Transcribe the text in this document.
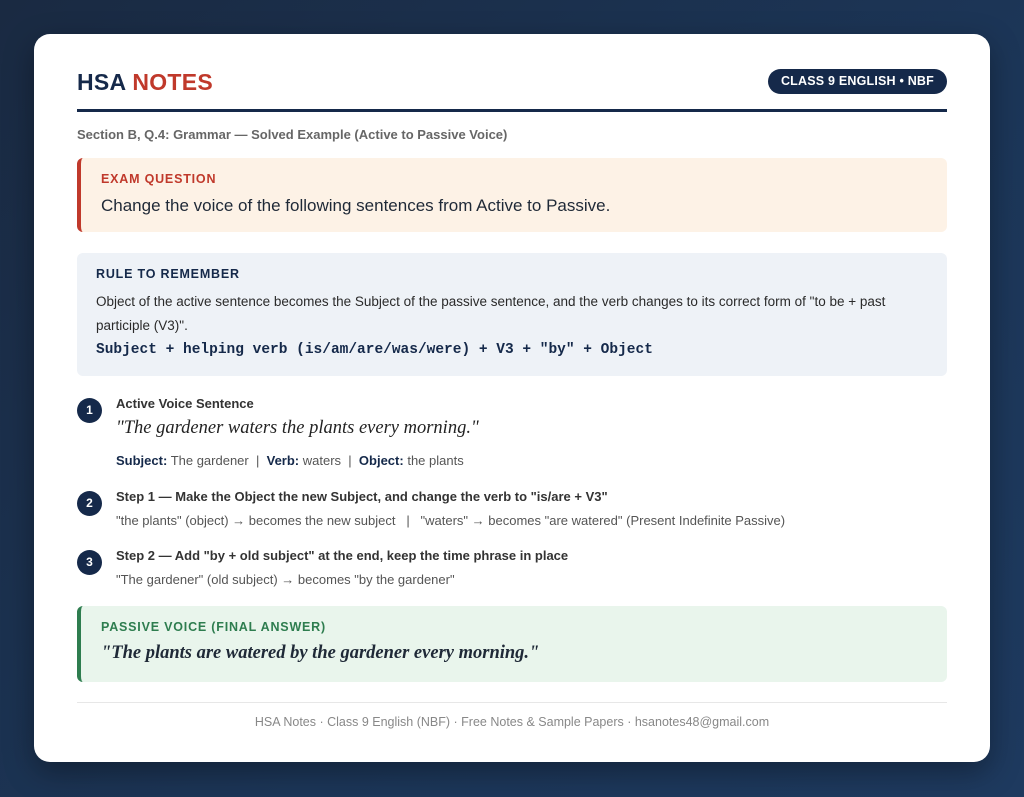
HSA NOTES	CLASS 9 ENGLISH • NBF
Section B, Q.4: Grammar — Solved Example (Active to Passive Voice)
EXAM QUESTION
Change the voice of the following sentences from Active to Passive.
RULE TO REMEMBER
Object of the active sentence becomes the Subject of the passive sentence, and the verb changes to its correct form of "to be + past participle (V3)".
Subject + helping verb (is/am/are/was/were) + V3 + "by" + Object
1	Active Voice Sentence
"The gardener waters the plants every morning."
Subject: The gardener | Verb: waters | Object: the plants
2	Step 1 — Make the Object the new Subject, and change the verb to "is/are + V3"
"the plants" (object) → becomes the new subject   |   "waters" → becomes "are watered" (Present Indefinite Passive)
3	Step 2 — Add "by + old subject" at the end, keep the time phrase in place
"The gardener" (old subject) → becomes "by the gardener"
PASSIVE VOICE (FINAL ANSWER)
"The plants are watered by the gardener every morning."
HSA Notes · Class 9 English (NBF) · Free Notes & Sample Papers · hsanotes48@gmail.com
